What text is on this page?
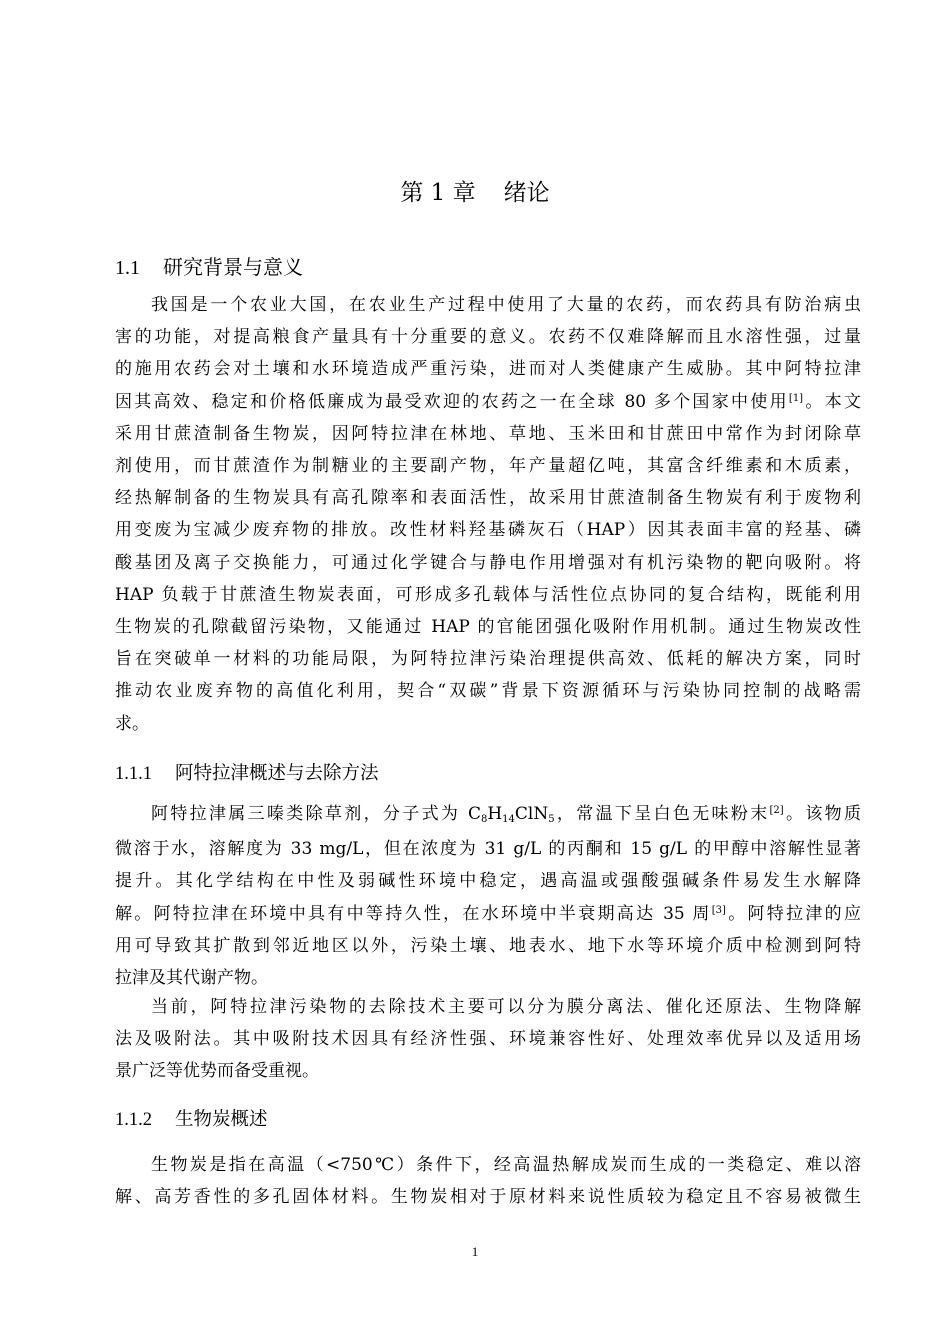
第 1 章 绪论
1.1 研究背景与意义
我国是一个农业大国，在农业生产过程中使用了大量的农药，而农药具有防治病虫
害的功能，对提高粮食产量具有十分重要的意义。农药不仅难降解而且水溶性强，过量
的施用农药会对土壤和水环境造成严重污染，进而对人类健康产生威胁。其中阿特拉津
因其高效、稳定和价格低廉成为最受欢迎的农药之一在全球 80 多个国家中使用[1]。本文
采用甘蔗渣制备生物炭，因阿特拉津在林地、草地、玉米田和甘蔗田中常作为封闭除草
剂使用，而甘蔗渣作为制糖业的主要副产物，年产量超亿吨，其富含纤维素和木质素，
经热解制备的生物炭具有高孔隙率和表面活性，故采用甘蔗渣制备生物炭有利于废物利
用变废为宝减少废弃物的排放。改性材料羟基磷灰石（HAP）因其表面丰富的羟基、磷
酸基团及离子交换能力，可通过化学键合与静电作用增强对有机污染物的靶向吸附。将
HAP 负载于甘蔗渣生物炭表面，可形成多孔载体与活性位点协同的复合结构，既能利用
生物炭的孔隙截留污染物，又能通过 HAP 的官能团强化吸附作用机制。通过生物炭改性
旨在突破单一材料的功能局限，为阿特拉津污染治理提供高效、低耗的解决方案，同时
推动农业废弃物的高值化利用，契合“双碳”背景下资源循环与污染协同控制的战略需
求。
1.1.1 阿特拉津概述与去除方法
阿特拉津属三嗪类除草剂，分子式为 $C_8H_{14}ClN_5$，常温下呈白色无味粉末[2]。该物质
微溶于水，溶解度为 33 mg/L，但在浓度为 31 g/L 的丙酮和 15 g/L 的甲醇中溶解性显著
提升。其化学结构在中性及弱碱性环境中稳定，遇高温或强酸强碱条件易发生水解降
解。阿特拉津在环境中具有中等持久性，在水环境中半衰期高达 35 周[3]。阿特拉津的应
用可导致其扩散到邻近地区以外，污染土壤、地表水、地下水等环境介质中检测到阿特
拉津及其代谢产物。
当前，阿特拉津污染物的去除技术主要可以分为膜分离法、催化还原法、生物降解
法及吸附法。其中吸附技术因具有经济性强、环境兼容性好、处理效率优异以及适用场
景广泛等优势而备受重视。
1.1.2 生物炭概述
生物炭是指在高温（<750℃）条件下，经高温热解成炭而生成的一类稳定、难以溶
解、高芳香性的多孔固体材料。生物炭相对于原材料来说性质较为稳定且不容易被微生
1
